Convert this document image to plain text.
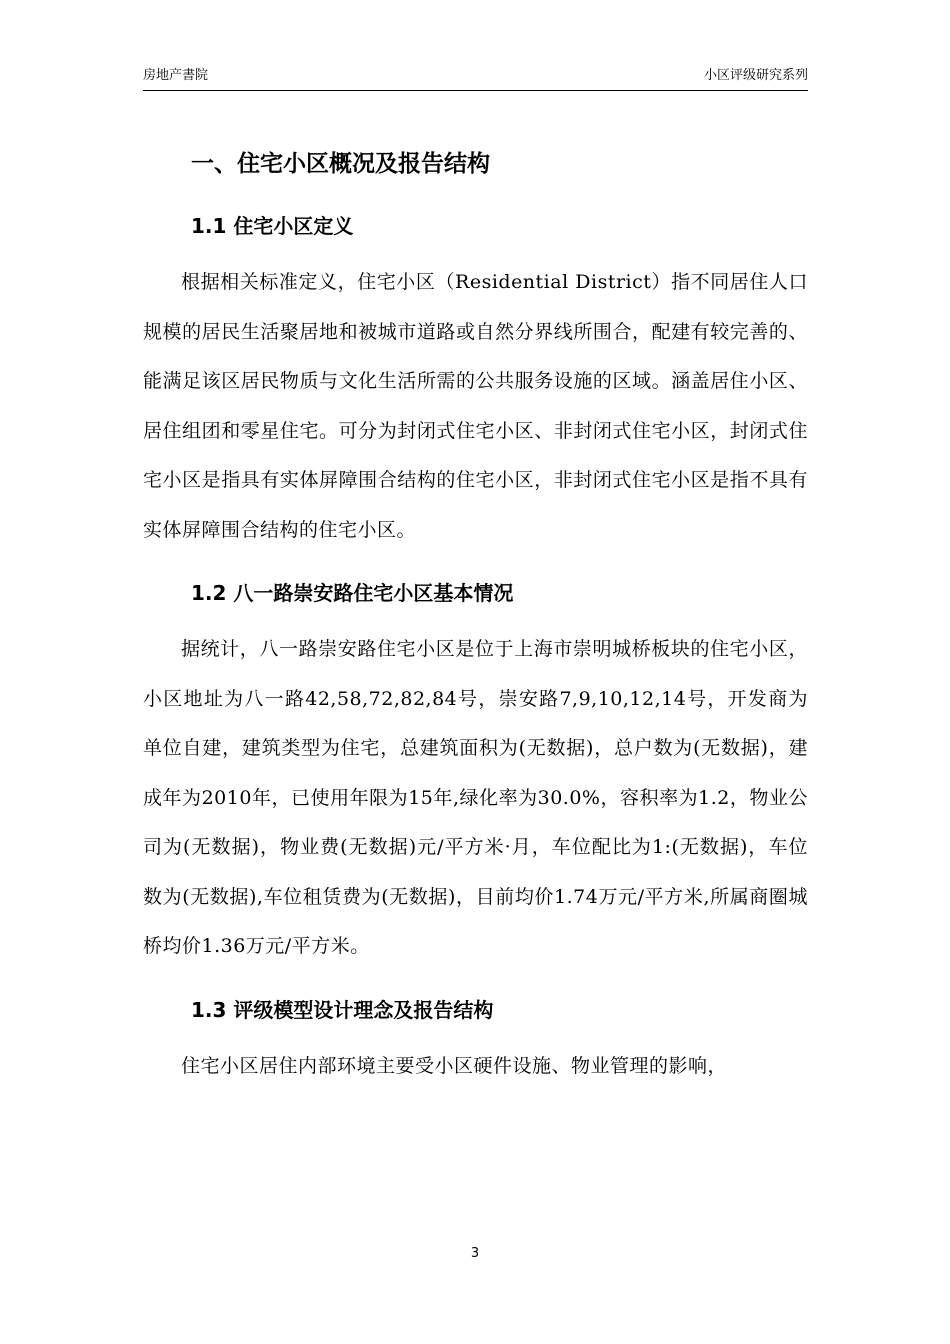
房地产書院	小区评级研究系列
一、住宅小区概况及报告结构
1.1 住宅小区定义

根据相关标准定义，住宅小区（Residential District）指不同居住人口规模的居民生活聚居地和被城市道路或自然分界线所围合，配建有较完善的、能满足该区居民物质与文化生活所需的公共服务设施的区域。涵盖居住小区、居住组团和零星住宅。可分为封闭式住宅小区、非封闭式住宅小区，封闭式住宅小区是指具有实体屏障围合结构的住宅小区，非封闭式住宅小区是指不具有实体屏障围合结构的住宅小区。

1.2 八一路崇安路住宅小区基本情况

据统计，八一路崇安路住宅小区是位于上海市崇明城桥板块的住宅小区，小区地址为八一路42,58,72,82,84号，崇安路7,9,10,12,14号，开发商为单位自建，建筑类型为住宅，总建筑面积为(无数据)，总户数为(无数据)，建成年为2010年，已使用年限为15年,绿化率为30.0%，容积率为1.2，物业公司为(无数据)，物业费(无数据)元/平方米·月，车位配比为1:(无数据)，车位数为(无数据),车位租赁费为(无数据)，目前均价1.74万元/平方米,所属商圈城桥均价1.36万元/平方米。

1.3 评级模型设计理念及报告结构

住宅小区居住内部环境主要受小区硬件设施、物业管理的影响，

3
